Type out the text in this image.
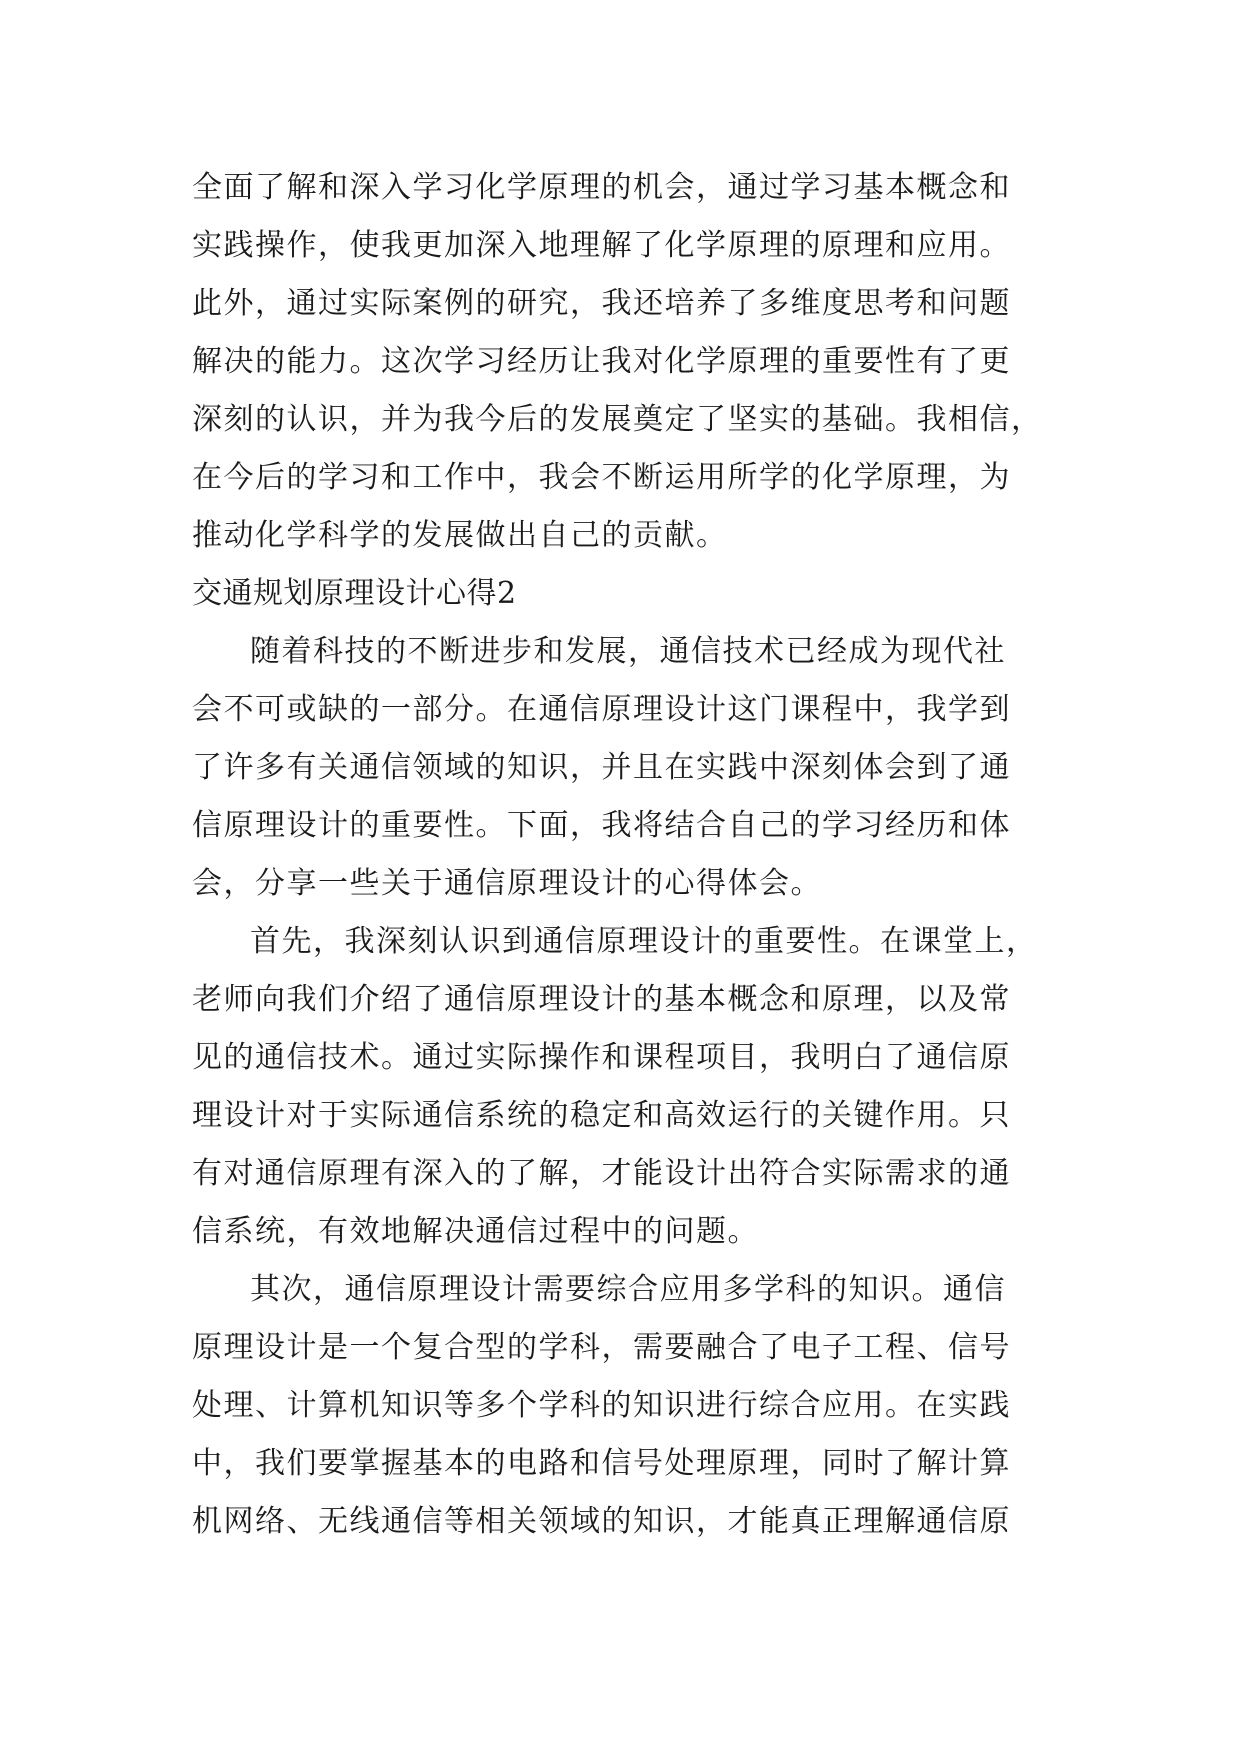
全面了解和深入学习化学原理的机会，通过学习基本概念和
实践操作，使我更加深入地理解了化学原理的原理和应用。
此外，通过实际案例的研究，我还培养了多维度思考和问题
解决的能力。这次学习经历让我对化学原理的重要性有了更
深刻的认识，并为我今后的发展奠定了坚实的基础。我相信，
在今后的学习和工作中，我会不断运用所学的化学原理，为
推动化学科学的发展做出自己的贡献。
交通规划原理设计心得2
随着科技的不断进步和发展，通信技术已经成为现代社
会不可或缺的一部分。在通信原理设计这门课程中，我学到
了许多有关通信领域的知识，并且在实践中深刻体会到了通
信原理设计的重要性。下面，我将结合自己的学习经历和体
会，分享一些关于通信原理设计的心得体会。
首先，我深刻认识到通信原理设计的重要性。在课堂上，
老师向我们介绍了通信原理设计的基本概念和原理，以及常
见的通信技术。通过实际操作和课程项目，我明白了通信原
理设计对于实际通信系统的稳定和高效运行的关键作用。只
有对通信原理有深入的了解，才能设计出符合实际需求的通
信系统，有效地解决通信过程中的问题。
其次，通信原理设计需要综合应用多学科的知识。通信
原理设计是一个复合型的学科，需要融合了电子工程、信号
处理、计算机知识等多个学科的知识进行综合应用。在实践
中，我们要掌握基本的电路和信号处理原理，同时了解计算
机网络、无线通信等相关领域的知识，才能真正理解通信原
